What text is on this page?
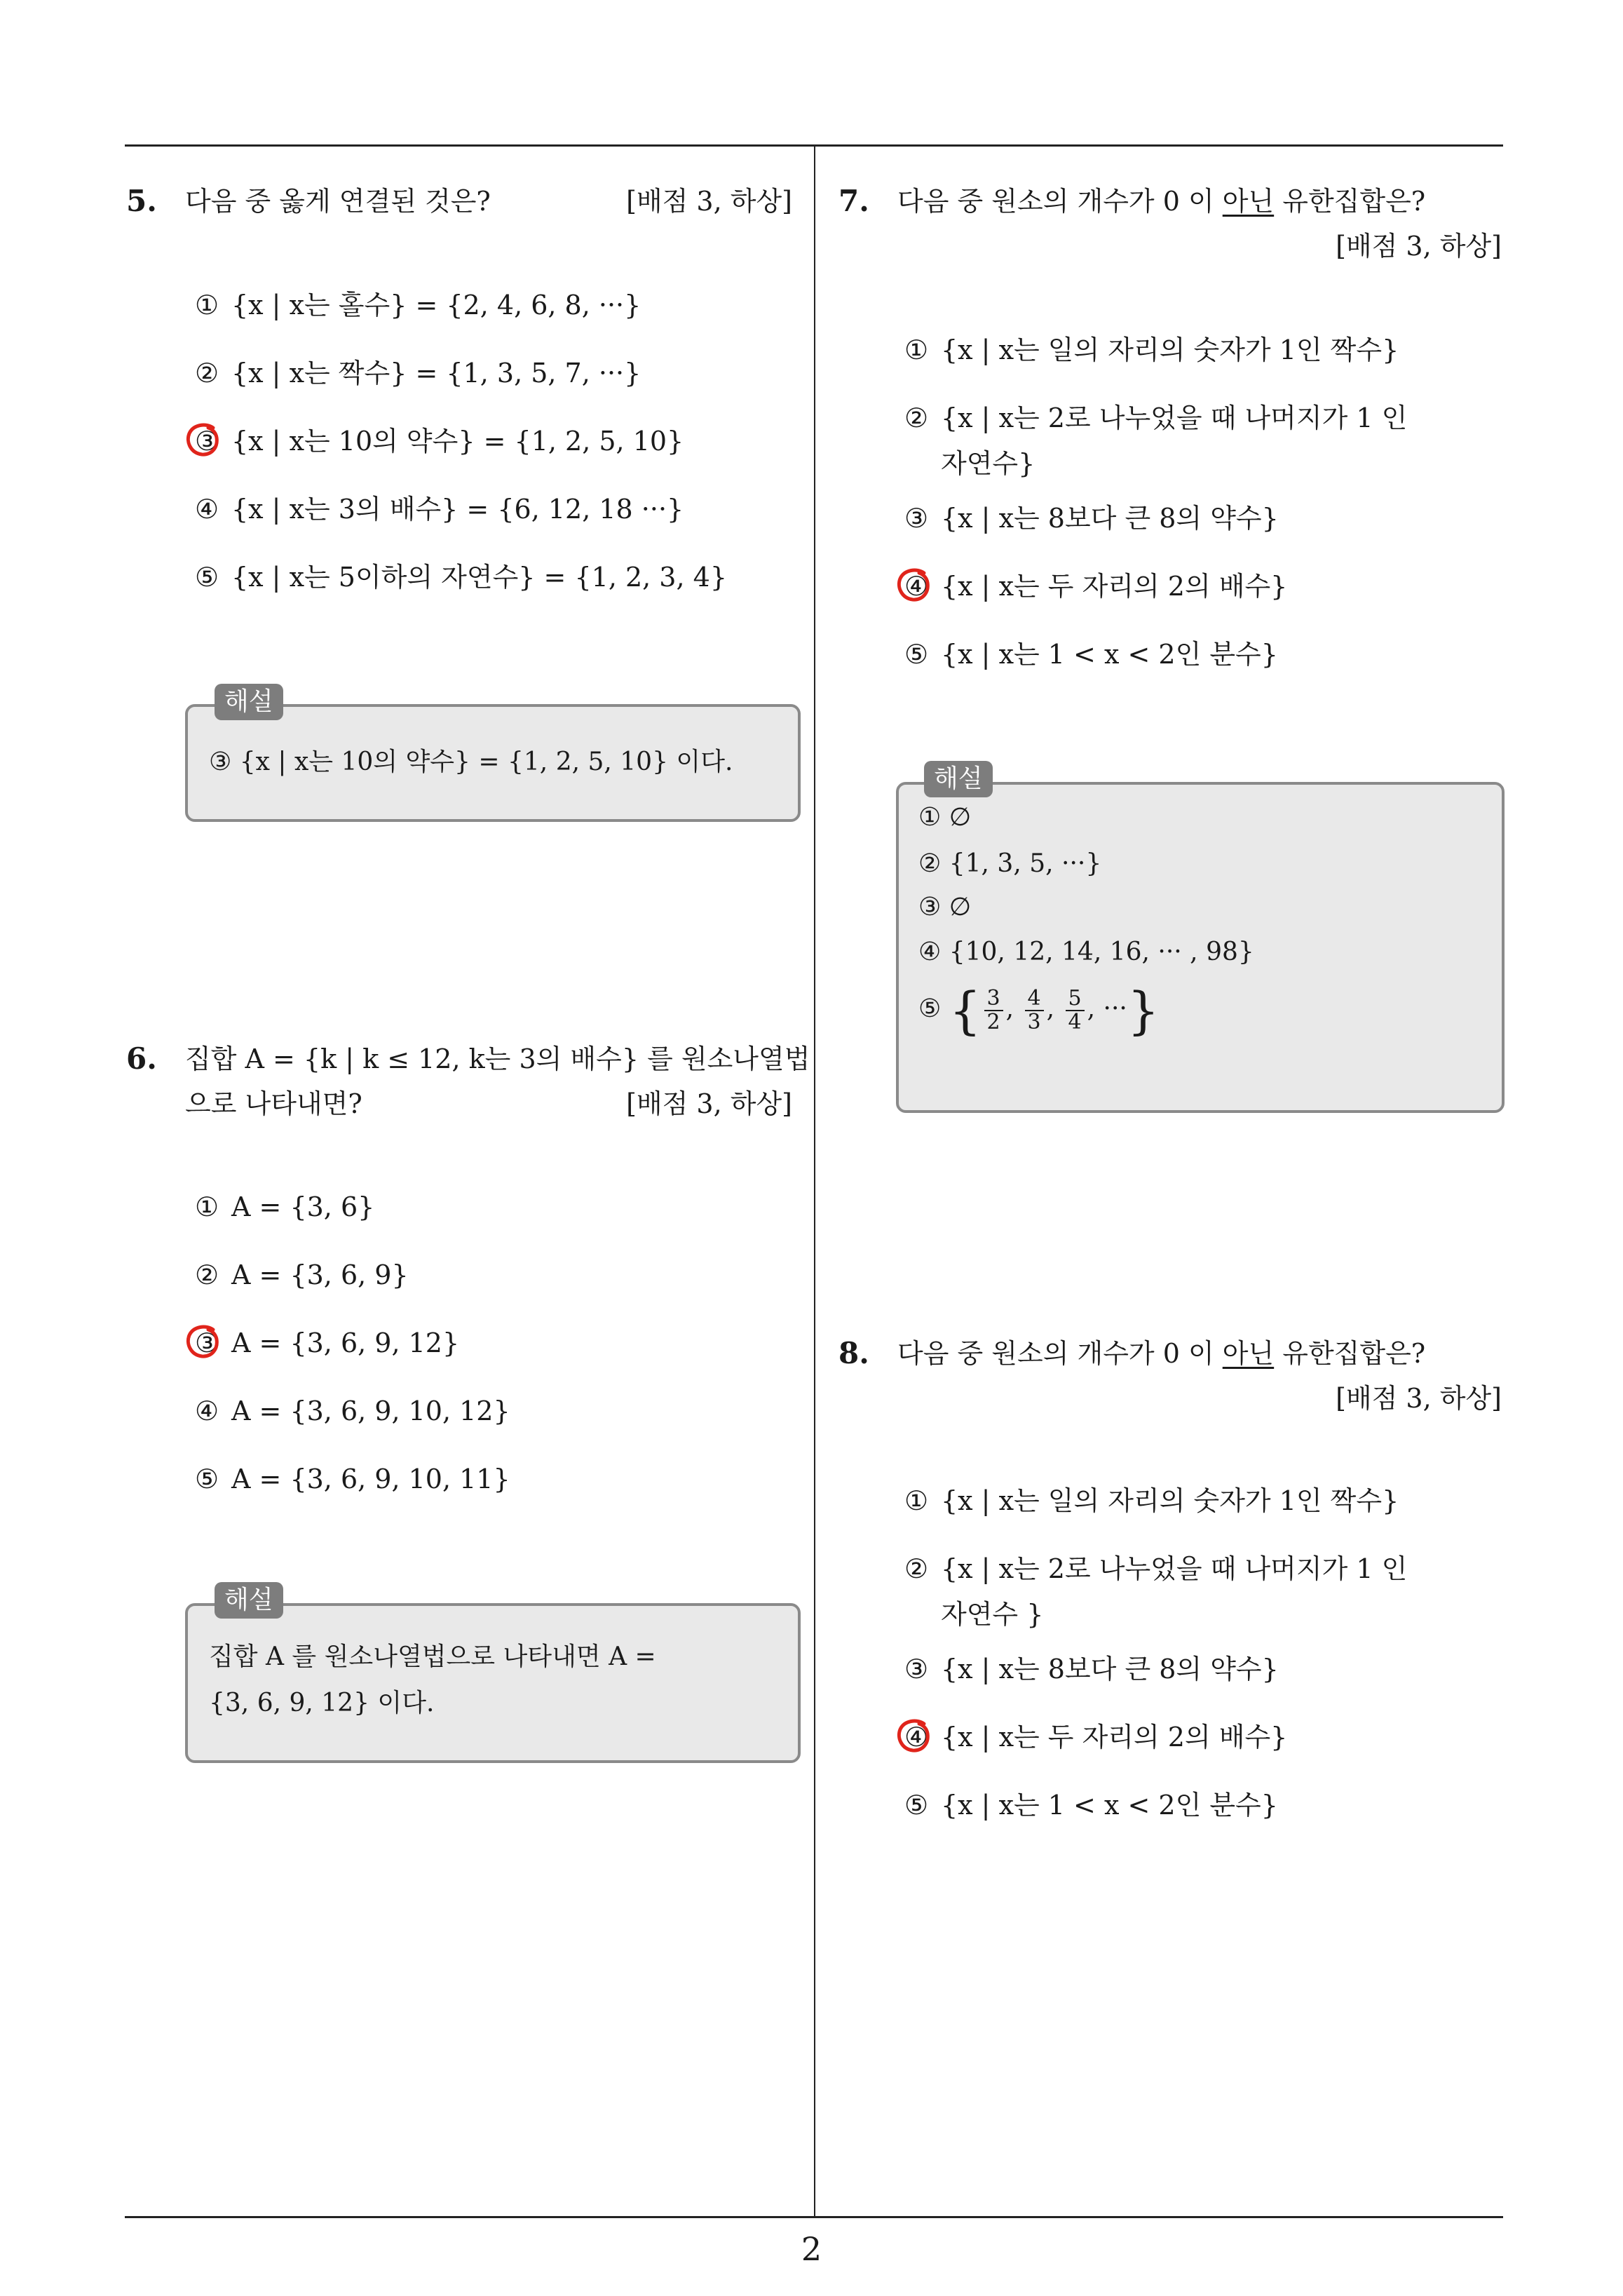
5. 다음 중 옳게 연결된 것은?	[배점 3, 하상]
① {x | x는 홀수} = {2, 4, 6, 8, ···}
② {x | x는 짝수} = {1, 3, 5, 7, ···}
③ {x | x는 10의 약수} = {1, 2, 5, 10}
④ {x | x는 3의 배수} = {6, 12, 18 ···}
⑤ {x | x는 5이하의 자연수} = {1, 2, 3, 4}
③ {x | x는 10의 약수} = {1, 2, 5, 10} 이다.
해설
6. 집합 A = {k | k ≤ 12, k는 3의 배수} 를 원소나열법
으로 나타내면?	[배점 3, 하상]
① A = {3, 6}
② A = {3, 6, 9}
③ A = {3, 6, 9, 12}
④ A = {3, 6, 9, 10, 12}
⑤ A = {3, 6, 9, 10, 11}
집합 A 를 원소나열법으로 나타내면 A =
{3, 6, 9, 12} 이다.
해설
7. 다음 중 원소의 개수가 0 이 아닌 유한집합은?
[배점 3, 하상]
① {x | x는 일의 자리의 숫자가 1인 짝수}
② {x | x는 2로 나누었을 때 나머지가 1 인
자연수}
③ {x | x는 8보다 큰 8의 약수}
④ {x | x는 두 자리의 2의 배수}
⑤ {x | x는 1 < x < 2인 분수}
① ∅
② {1, 3, 5, ···}
③ ∅
④ {10, 12, 14, 16, ··· , 98}
⑤ { $\frac{3}{2}$ , $\frac{4}{3}$ , $\frac{5}{4}$ , ···}
해설
8. 다음 중 원소의 개수가 0 이 아닌 유한집합은?
[배점 3, 하상]
① {x | x는 일의 자리의 숫자가 1인 짝수}
② {x | x는 2로 나누었을 때 나머지가 1 인
자연수 }
③ {x | x는 8보다 큰 8의 약수}
④ {x | x는 두 자리의 2의 배수}
⑤ {x | x는 1 < x < 2인 분수}
2
